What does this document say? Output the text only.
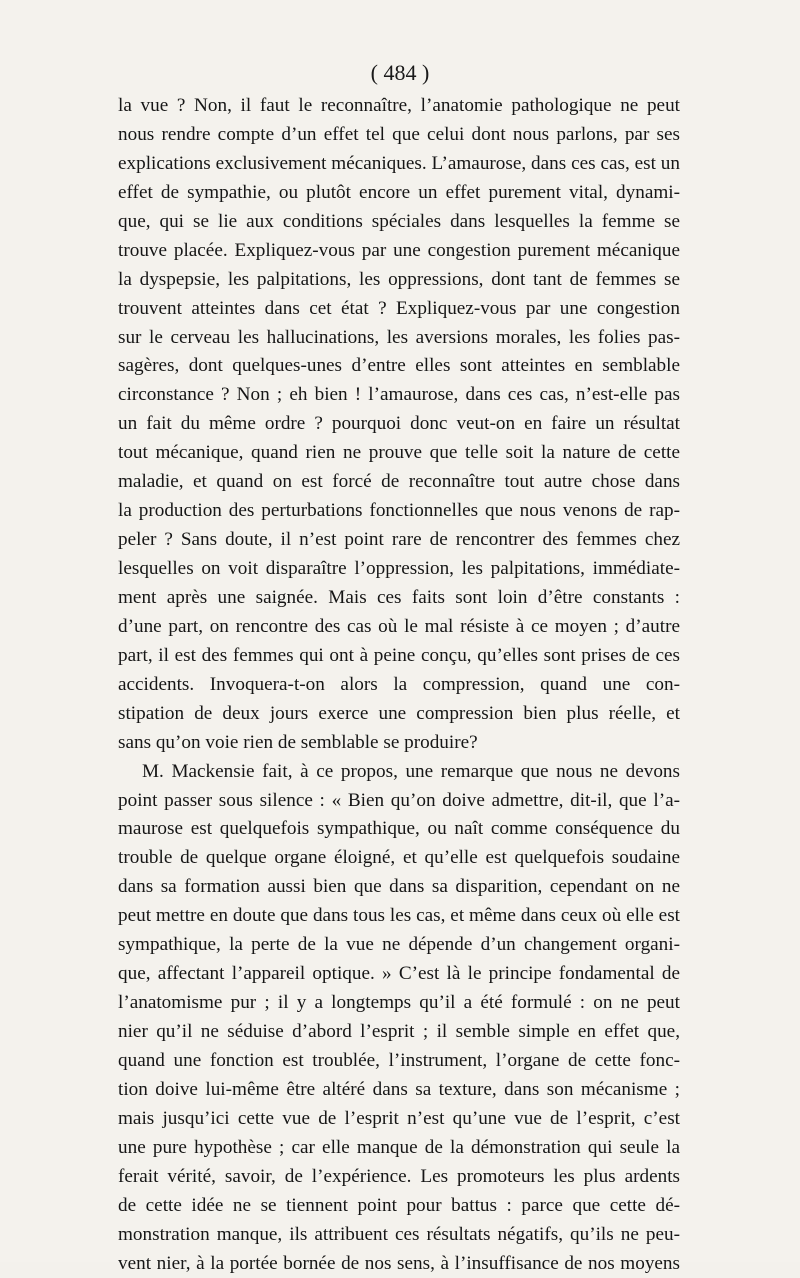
( 484 )
la vue ? Non, il faut le reconnaître, l’anatomie pathologique ne peut
nous rendre compte d’un effet tel que celui dont nous parlons, par ses
explications exclusivement mécaniques. L’amaurose, dans ces cas, est un
effet de sympathie, ou plutôt encore un effet purement vital, dynami-
que, qui se lie aux conditions spéciales dans lesquelles la femme se
trouve placée. Expliquez-vous par une congestion purement mécanique
la dyspepsie, les palpitations, les oppressions, dont tant de femmes se
trouvent atteintes dans cet état ? Expliquez-vous par une congestion
sur le cerveau les hallucinations, les aversions morales, les folies pas-
sagères, dont quelques-unes d’entre elles sont atteintes en semblable
circonstance ? Non ; eh bien ! l’amaurose, dans ces cas, n’est-elle pas
un fait du même ordre ? pourquoi donc veut-on en faire un résultat
tout mécanique, quand rien ne prouve que telle soit la nature de cette
maladie, et quand on est forcé de reconnaître tout autre chose dans
la production des perturbations fonctionnelles que nous venons de rap-
peler ? Sans doute, il n’est point rare de rencontrer des femmes chez
lesquelles on voit disparaître l’oppression, les palpitations, immédiate-
ment après une saignée. Mais ces faits sont loin d’être constants :
d’une part, on rencontre des cas où le mal résiste à ce moyen ; d’autre
part, il est des femmes qui ont à peine conçu, qu’elles sont prises de ces
accidents. Invoquera-t-on alors la compression, quand une con-
stipation de deux jours exerce une compression bien plus réelle, et
sans qu’on voie rien de semblable se produire?
M. Mackensie fait, à ce propos, une remarque que nous ne devons
point passer sous silence : « Bien qu’on doive admettre, dit-il, que l’a-
maurose est quelquefois sympathique, ou naît comme conséquence du
trouble de quelque organe éloigné, et qu’elle est quelquefois soudaine
dans sa formation aussi bien que dans sa disparition, cependant on ne
peut mettre en doute que dans tous les cas, et même dans ceux où elle est
sympathique, la perte de la vue ne dépende d’un changement organi-
que, affectant l’appareil optique. » C’est là le principe fondamental de
l’anatomisme pur ; il y a longtemps qu’il a été formulé : on ne peut
nier qu’il ne séduise d’abord l’esprit ; il semble simple en effet que,
quand une fonction est troublée, l’instrument, l’organe de cette fonc-
tion doive lui-même être altéré dans sa texture, dans son mécanisme ;
mais jusqu’ici cette vue de l’esprit n’est qu’une vue de l’esprit, c’est
une pure hypothèse ; car elle manque de la démonstration qui seule la
ferait vérité, savoir, de l’expérience. Les promoteurs les plus ardents
de cette idée ne se tiennent point pour battus : parce que cette dé-
monstration manque, ils attribuent ces résultats négatifs, qu’ils ne peu-
vent nier, à la portée bornée de nos sens, à l’insuffisance de nos moyens
